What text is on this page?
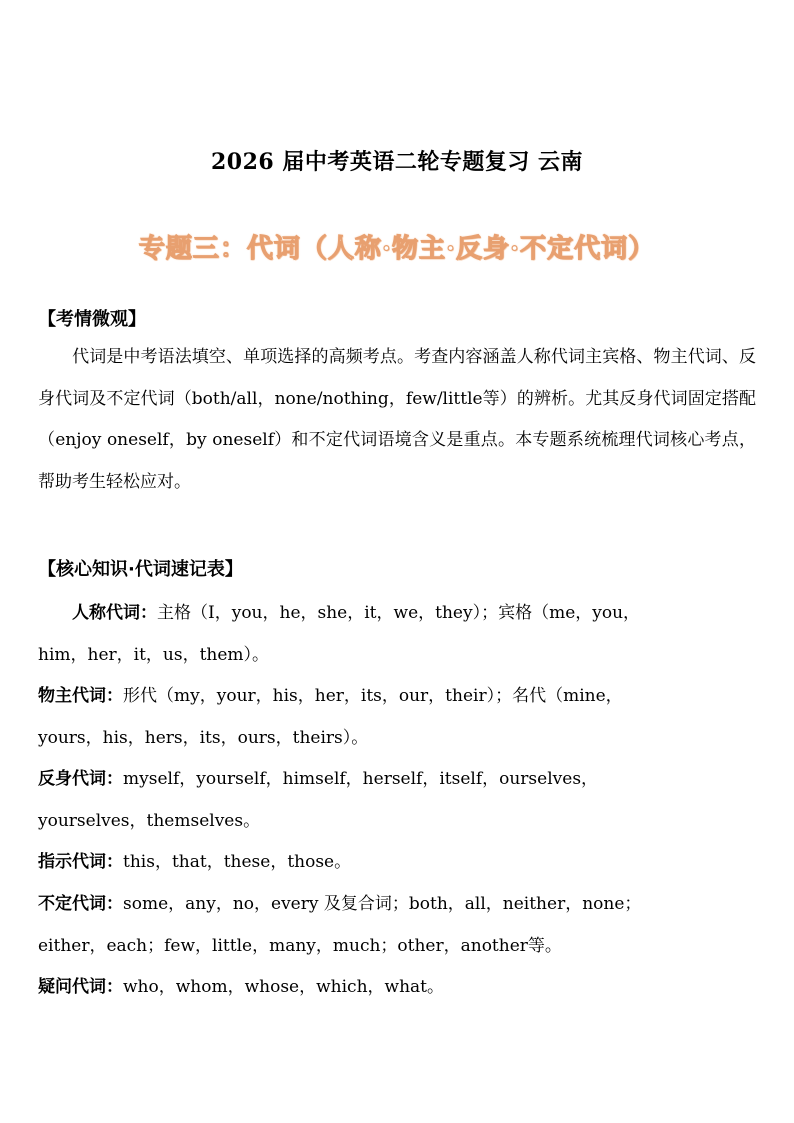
2026 届中考英语二轮专题复习 云南
专题三：代词（人称·物主·反身·不定代词）
【考情微观】
代词是中考语法填空、单项选择的高频考点。考查内容涵盖人称代词主宾格、物主代词、反身代词及不定代词（both/all，none/nothing，few/little等）的辨析。尤其反身代词固定搭配（enjoy oneself，by oneself）和不定代词语境含义是重点。本专题系统梳理代词核心考点，帮助考生轻松应对。
【核心知识·代词速记表】
人称代词：主格（I，you，he，she，it，we，they）；宾格（me，you，
him，her，it，us，them）。
物主代词：形代（my，your，his，her，its，our，their）；名代（mine，
yours，his，hers，its，ours，theirs）。
反身代词：myself，yourself，himself，herself，itself，ourselves，
yourselves，themselves。
指示代词：this，that，these，those。
不定代词：some，any，no，every 及复合词；both，all，neither，none；
either，each；few，little，many，much；other，another等。
疑问代词：who，whom，whose，which，what。
